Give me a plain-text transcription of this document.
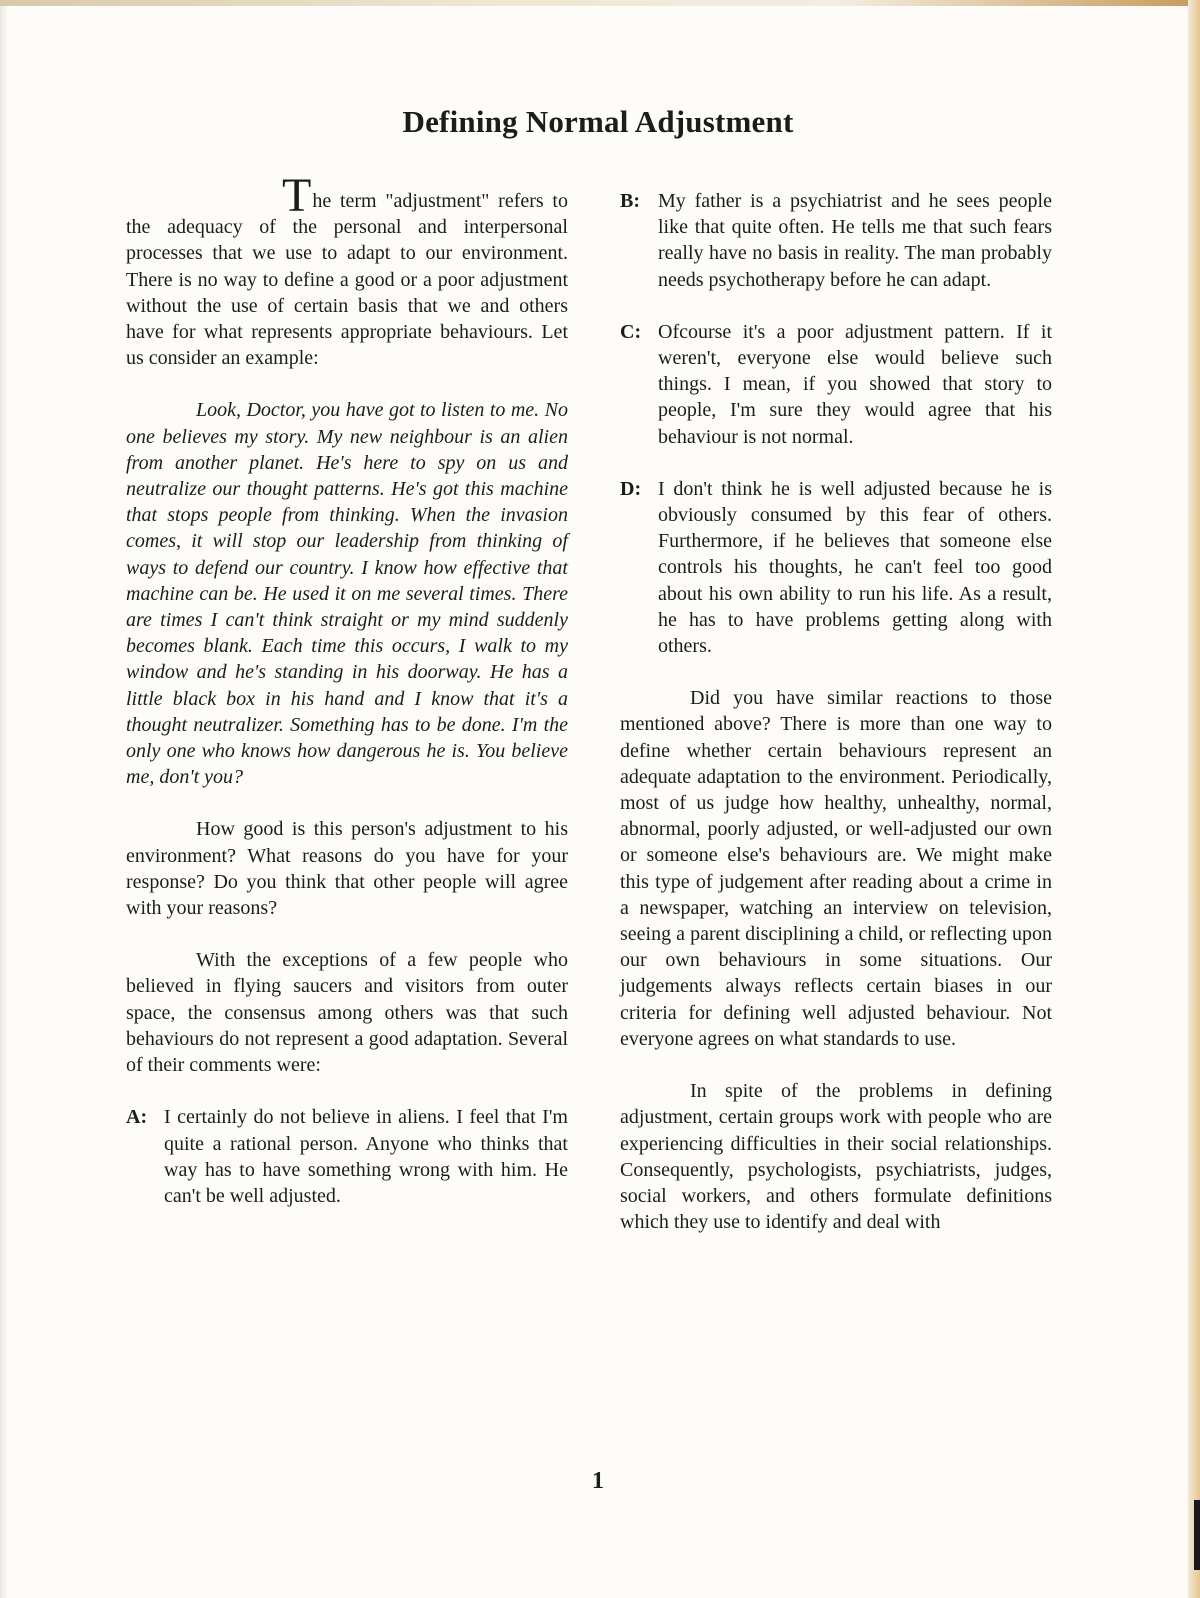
Defining Normal Adjustment

The term "adjustment" refers to the adequacy of the personal and interpersonal processes that we use to adapt to our environment. There is no way to define a good or a poor adjustment without the use of certain basis that we and others have for what represents appropriate behaviours. Let us consider an example:

Look, Doctor, you have got to listen to me. No one believes my story. My new neighbour is an alien from another planet. He's here to spy on us and neutralize our thought patterns. He's got this machine that stops people from thinking. When the invasion comes, it will stop our leadership from thinking of ways to defend our country. I know how effective that machine can be. He used it on me several times. There are times I can't think straight or my mind suddenly becomes blank. Each time this occurs, I walk to my window and he's standing in his doorway. He has a little black box in his hand and I know that it's a thought neutralizer. Something has to be done. I'm the only one who knows how dangerous he is. You believe me, don't you?

How good is this person's adjustment to his environment? What reasons do you have for your response? Do you think that other people will agree with your reasons?

With the exceptions of a few people who believed in flying saucers and visitors from outer space, the consensus among others was that such behaviours do not represent a good adaptation. Several of their comments were:

A: I certainly do not believe in aliens. I feel that I'm quite a rational person. Anyone who thinks that way has to have something wrong with him. He can't be well adjusted.
B: My father is a psychiatrist and he sees people like that quite often. He tells me that such fears really have no basis in reality. The man probably needs psychotherapy before he can adapt.
C: Ofcourse it's a poor adjustment pattern. If it weren't, everyone else would believe such things. I mean, if you showed that story to people, I'm sure they would agree that his behaviour is not normal.
D: I don't think he is well adjusted because he is obviously consumed by this fear of others. Furthermore, if he believes that someone else controls his thoughts, he can't feel too good about his own ability to run his life. As a result, he has to have problems getting along with others.

Did you have similar reactions to those mentioned above? There is more than one way to define whether certain behaviours represent an adequate adaptation to the environment. Periodically, most of us judge how healthy, unhealthy, normal, abnormal, poorly adjusted, or well-adjusted our own or someone else's behaviours are. We might make this type of judgement after reading about a crime in a newspaper, watching an interview on television, seeing a parent disciplining a child, or reflecting upon our own behaviours in some situations. Our judgements always reflects certain biases in our criteria for defining well adjusted behaviour. Not everyone agrees on what standards to use.

In spite of the problems in defining adjustment, certain groups work with people who are experiencing difficulties in their social relationships. Consequently, psychologists, psychiatrists, judges, social workers, and others formulate definitions which they use to identify and deal with

1
